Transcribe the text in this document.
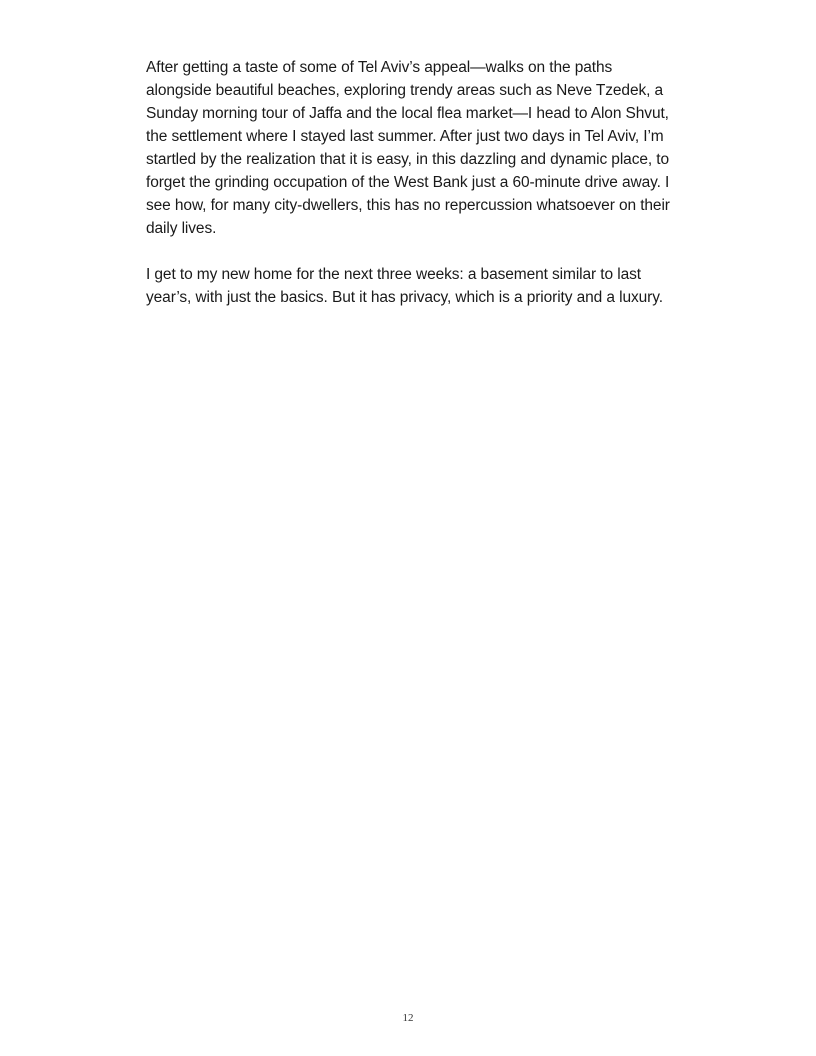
After getting a taste of some of Tel Aviv’s appeal—walks on the paths alongside beautiful beaches, exploring trendy areas such as Neve Tzedek, a Sunday morning tour of Jaffa and the local flea market—I head to Alon Shvut, the settlement where I stayed last summer. After just two days in Tel Aviv, I’m startled by the realization that it is easy, in this dazzling and dynamic place, to forget the grinding occupation of the West Bank just a 60-minute drive away. I see how, for many city-dwellers, this has no repercussion whatsoever on their daily lives.

I get to my new home for the next three weeks: a basement similar to last year’s, with just the basics. But it has privacy, which is a priority and a luxury.

12
